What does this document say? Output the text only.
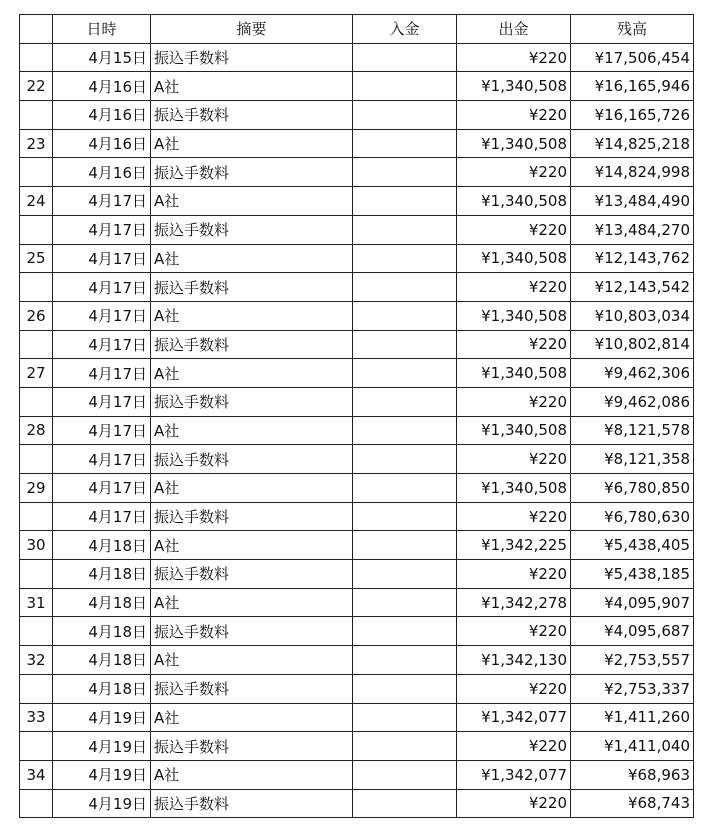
	日時	摘要	入金	出金	残高
	4月15日	振込手数料		¥220	¥17,506,454
22	4月16日	A社		¥1,340,508	¥16,165,946
	4月16日	振込手数料		¥220	¥16,165,726
23	4月16日	A社		¥1,340,508	¥14,825,218
	4月16日	振込手数料		¥220	¥14,824,998
24	4月17日	A社		¥1,340,508	¥13,484,490
	4月17日	振込手数料		¥220	¥13,484,270
25	4月17日	A社		¥1,340,508	¥12,143,762
	4月17日	振込手数料		¥220	¥12,143,542
26	4月17日	A社		¥1,340,508	¥10,803,034
	4月17日	振込手数料		¥220	¥10,802,814
27	4月17日	A社		¥1,340,508	¥9,462,306
	4月17日	振込手数料		¥220	¥9,462,086
28	4月17日	A社		¥1,340,508	¥8,121,578
	4月17日	振込手数料		¥220	¥8,121,358
29	4月17日	A社		¥1,340,508	¥6,780,850
	4月17日	振込手数料		¥220	¥6,780,630
30	4月18日	A社		¥1,342,225	¥5,438,405
	4月18日	振込手数料		¥220	¥5,438,185
31	4月18日	A社		¥1,342,278	¥4,095,907
	4月18日	振込手数料		¥220	¥4,095,687
32	4月18日	A社		¥1,342,130	¥2,753,557
	4月18日	振込手数料		¥220	¥2,753,337
33	4月19日	A社		¥1,342,077	¥1,411,260
	4月19日	振込手数料		¥220	¥1,411,040
34	4月19日	A社		¥1,342,077	¥68,963
	4月19日	振込手数料		¥220	¥68,743
